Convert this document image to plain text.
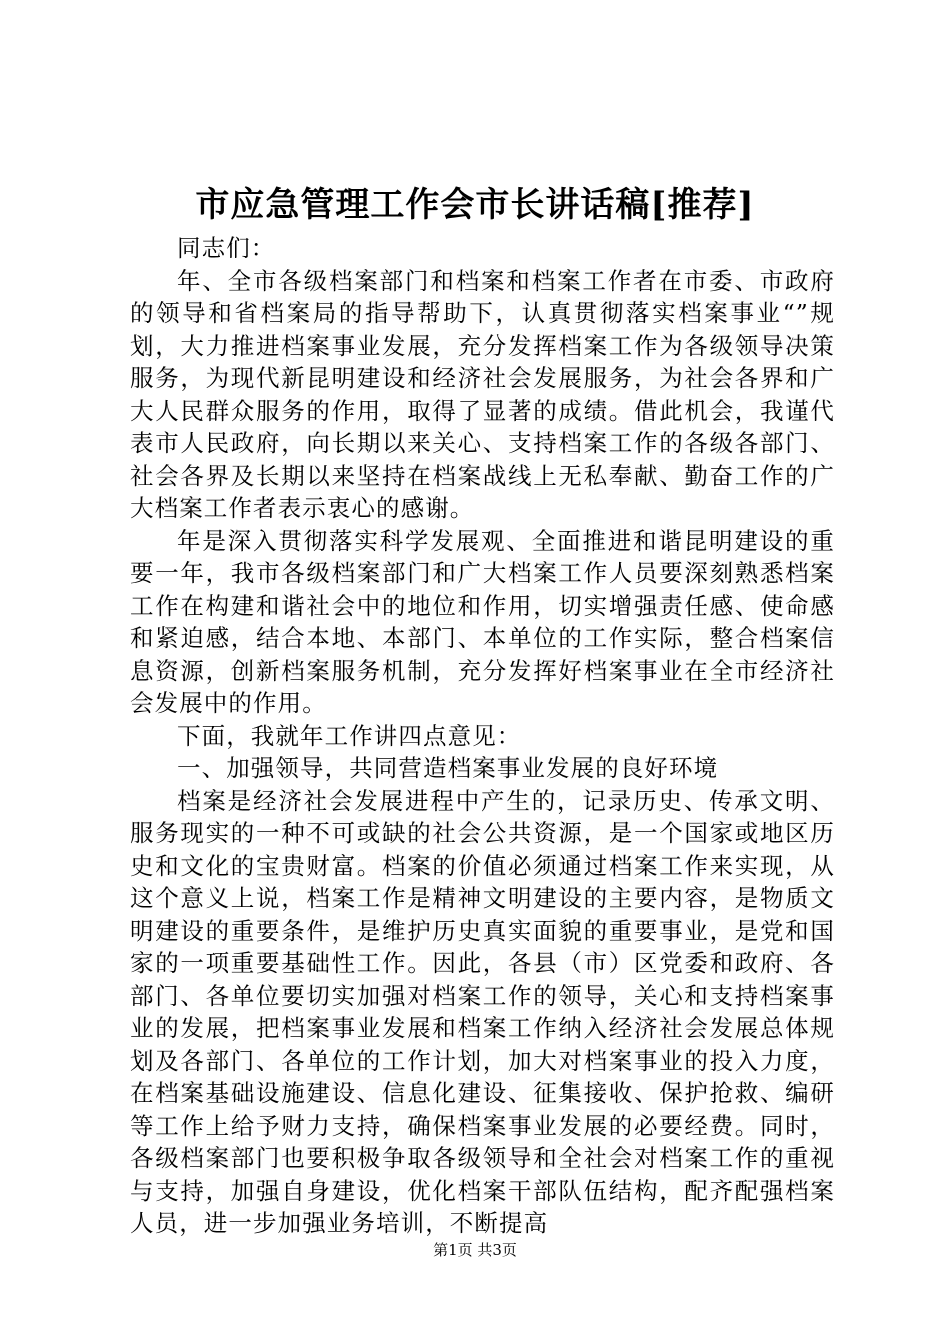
市应急管理工作会市长讲话稿[推荐]

同志们：

年、全市各级档案部门和档案和档案工作者在市委、市政府的领导和省档案局的指导帮助下，认真贯彻落实档案事业“”规划，大力推进档案事业发展，充分发挥档案工作为各级领导决策服务，为现代新昆明建设和经济社会发展服务，为社会各界和广大人民群众服务的作用，取得了显著的成绩。借此机会，我谨代表市人民政府，向长期以来关心、支持档案工作的各级各部门、社会各界及长期以来坚持在档案战线上无私奉献、勤奋工作的广大档案工作者表示衷心的感谢。

年是深入贯彻落实科学发展观、全面推进和谐昆明建设的重要一年，我市各级档案部门和广大档案工作人员要深刻熟悉档案工作在构建和谐社会中的地位和作用，切实增强责任感、使命感和紧迫感，结合本地、本部门、本单位的工作实际，整合档案信息资源，创新档案服务机制，充分发挥好档案事业在全市经济社会发展中的作用。

下面，我就年工作讲四点意见：

一、加强领导，共同营造档案事业发展的良好环境

档案是经济社会发展进程中产生的，记录历史、传承文明、服务现实的一种不可或缺的社会公共资源，是一个国家或地区历史和文化的宝贵财富。档案的价值必须通过档案工作来实现，从这个意义上说，档案工作是精神文明建设的主要内容，是物质文明建设的重要条件，是维护历史真实面貌的重要事业，是党和国家的一项重要基础性工作。因此，各县（市）区党委和政府、各部门、各单位要切实加强对档案工作的领导，关心和支持档案事业的发展，把档案事业发展和档案工作纳入经济社会发展总体规划及各部门、各单位的工作计划，加大对档案事业的投入力度，在档案基础设施建设、信息化建设、征集接收、保护抢救、编研等工作上给予财力支持，确保档案事业发展的必要经费。同时，各级档案部门也要积极争取各级领导和全社会对档案工作的重视与支持，加强自身建设，优化档案干部队伍结构，配齐配强档案人员，进一步加强业务培训，不断提高

第1页 共3页
